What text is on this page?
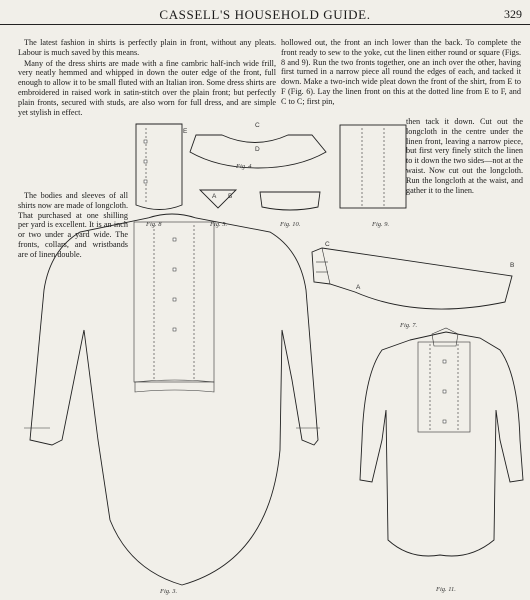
CASSELL'S HOUSEHOLD GUIDE.	329

The latest fashion in shirts is perfectly plain in front, without any pleats. Labour is much saved by this means.

Many of the dress shirts are made with a fine cambric half-inch wide frill, very neatly hemmed and whipped in down the outer edge of the front, full enough to allow it to be small fluted with an Italian iron. Some dress shirts are embroidered in raised work in satin-stitch over the plain front; but perfectly plain fronts, secured with studs, are also worn for full dress, and are simple yet stylish in effect.

The bodies and sleeves of all shirts now are made of longcloth. That purchased at one shilling per yard is excellent. It is an inch or two under a yard wide. The fronts, collars, and wristbands are of linen double.

hollowed out, the front an inch lower than the back. To complete the front ready to sew to the yoke, cut the linen either round or square (Figs. 8 and 9). Run the two fronts together, one an inch over the other, having first turned in a narrow piece all round the edges of each, and tacked it down. Make a two-inch wide pleat down the front of the shirt, from E to F (Fig. 6). Lay the linen front on this at the dotted line from E to F, and C to C; first pin,

then tack it down. Cut out the longcloth in the centre under the linen front, leaving a narrow piece, but first very finely stitch the linen to it down the two sides—not at the waist. Now cut out the longcloth. Run the longcloth at the waist, and gather it to the linen.

E
C
D
A B
C
B
A
Fig. 8
Fig. 4
Fig. 5.	Fig. 10.	Fig. 9.
Fig. 7.
Fig. 3.	Fig. 11.
